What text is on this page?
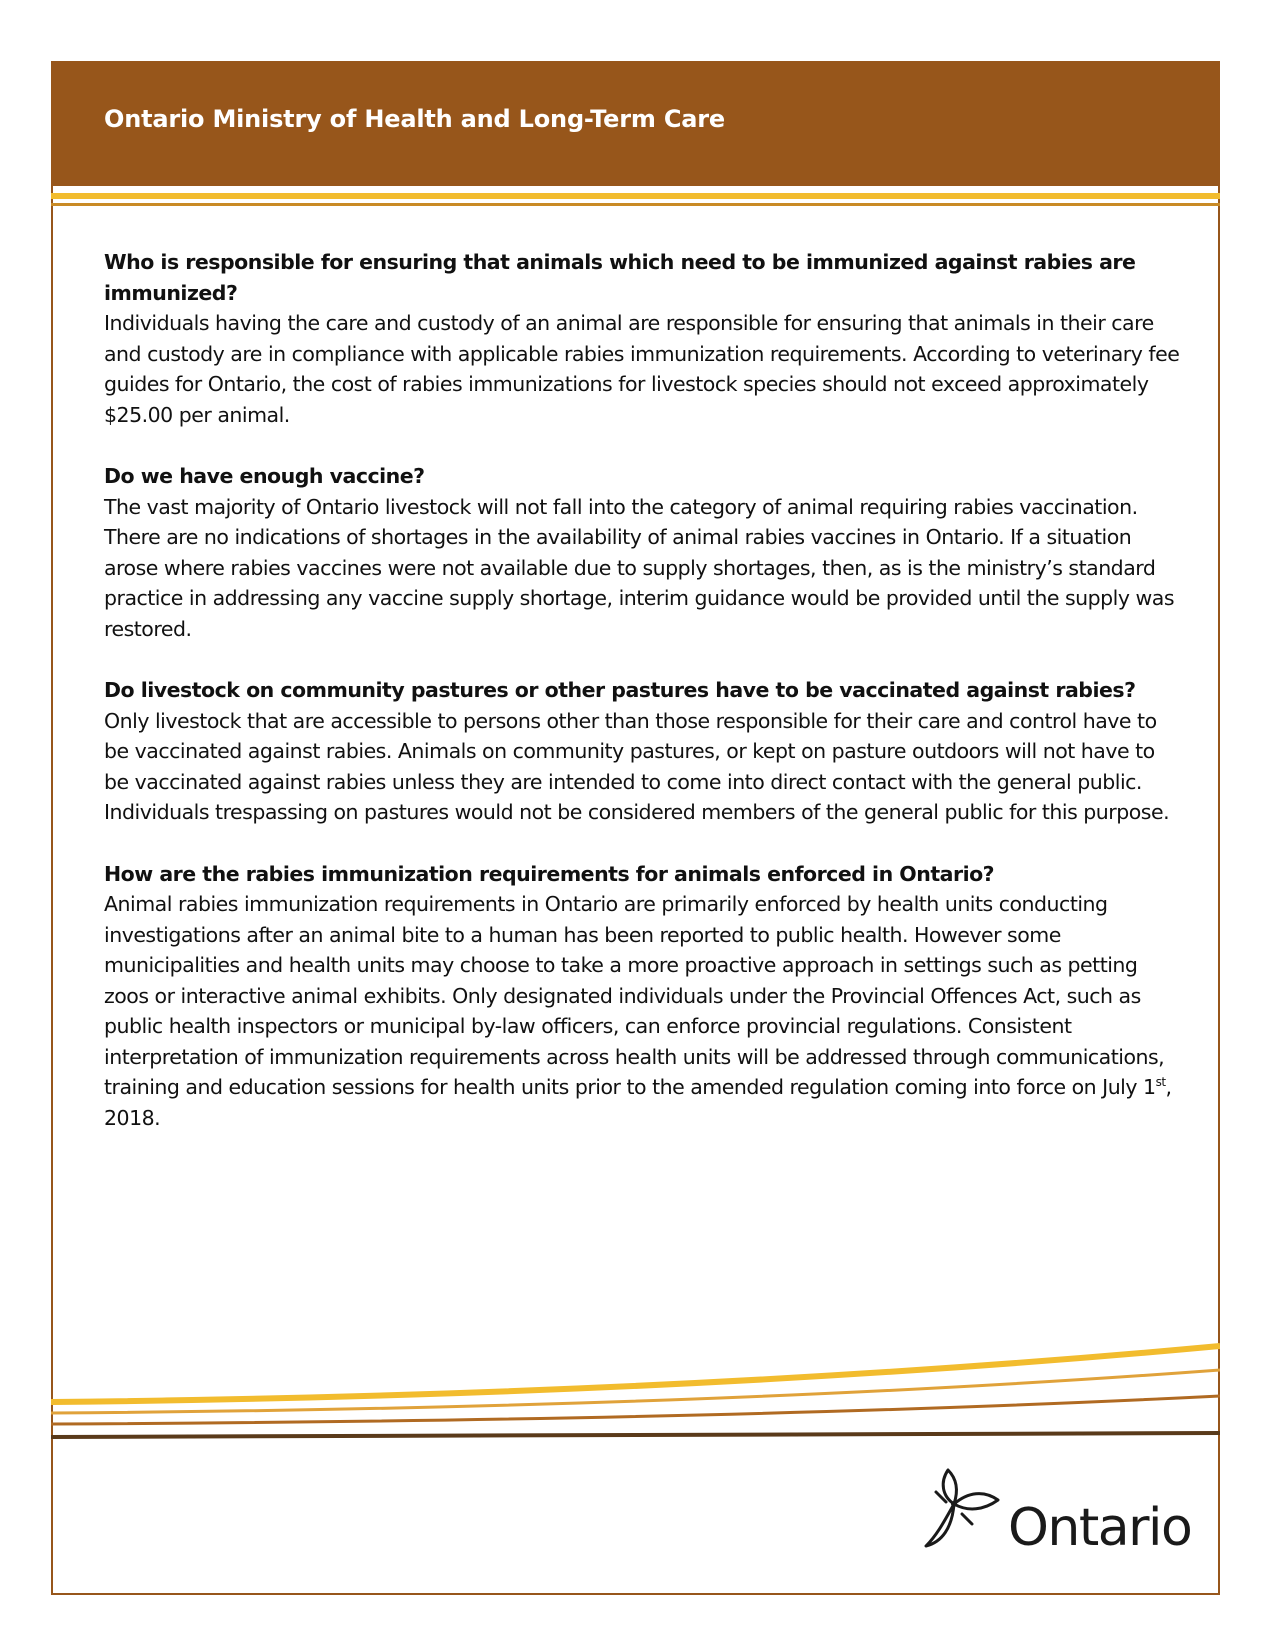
Ontario Ministry of Health and Long-Term Care

Who is responsible for ensuring that animals which need to be immunized against rabies are immunized?

Individuals having the care and custody of an animal are responsible for ensuring that animals in their care and custody are in compliance with applicable rabies immunization requirements. According to veterinary fee guides for Ontario, the cost of rabies immunizations for livestock species should not exceed approximately $25.00 per animal.

Do we have enough vaccine?

The vast majority of Ontario livestock will not fall into the category of animal requiring rabies vaccination. There are no indications of shortages in the availability of animal rabies vaccines in Ontario. If a situation arose where rabies vaccines were not available due to supply shortages, then, as is the ministry’s standard practice in addressing any vaccine supply shortage, interim guidance would be provided until the supply was restored.

Do livestock on community pastures or other pastures have to be vaccinated against rabies?

Only livestock that are accessible to persons other than those responsible for their care and control have to be vaccinated against rabies. Animals on community pastures, or kept on pasture outdoors will not have to be vaccinated against rabies unless they are intended to come into direct contact with the general public. Individuals trespassing on pastures would not be considered members of the general public for this purpose.

How are the rabies immunization requirements for animals enforced in Ontario?

Animal rabies immunization requirements in Ontario are primarily enforced by health units conducting investigations after an animal bite to a human has been reported to public health. However some municipalities and health units may choose to take a more proactive approach in settings such as petting zoos or interactive animal exhibits. Only designated individuals under the Provincial Offences Act, such as public health inspectors or municipal by-law officers, can enforce provincial regulations. Consistent interpretation of immunization requirements across health units will be addressed through communications, training and education sessions for health units prior to the amended regulation coming into force on July 1st, 2018.

Ontario
